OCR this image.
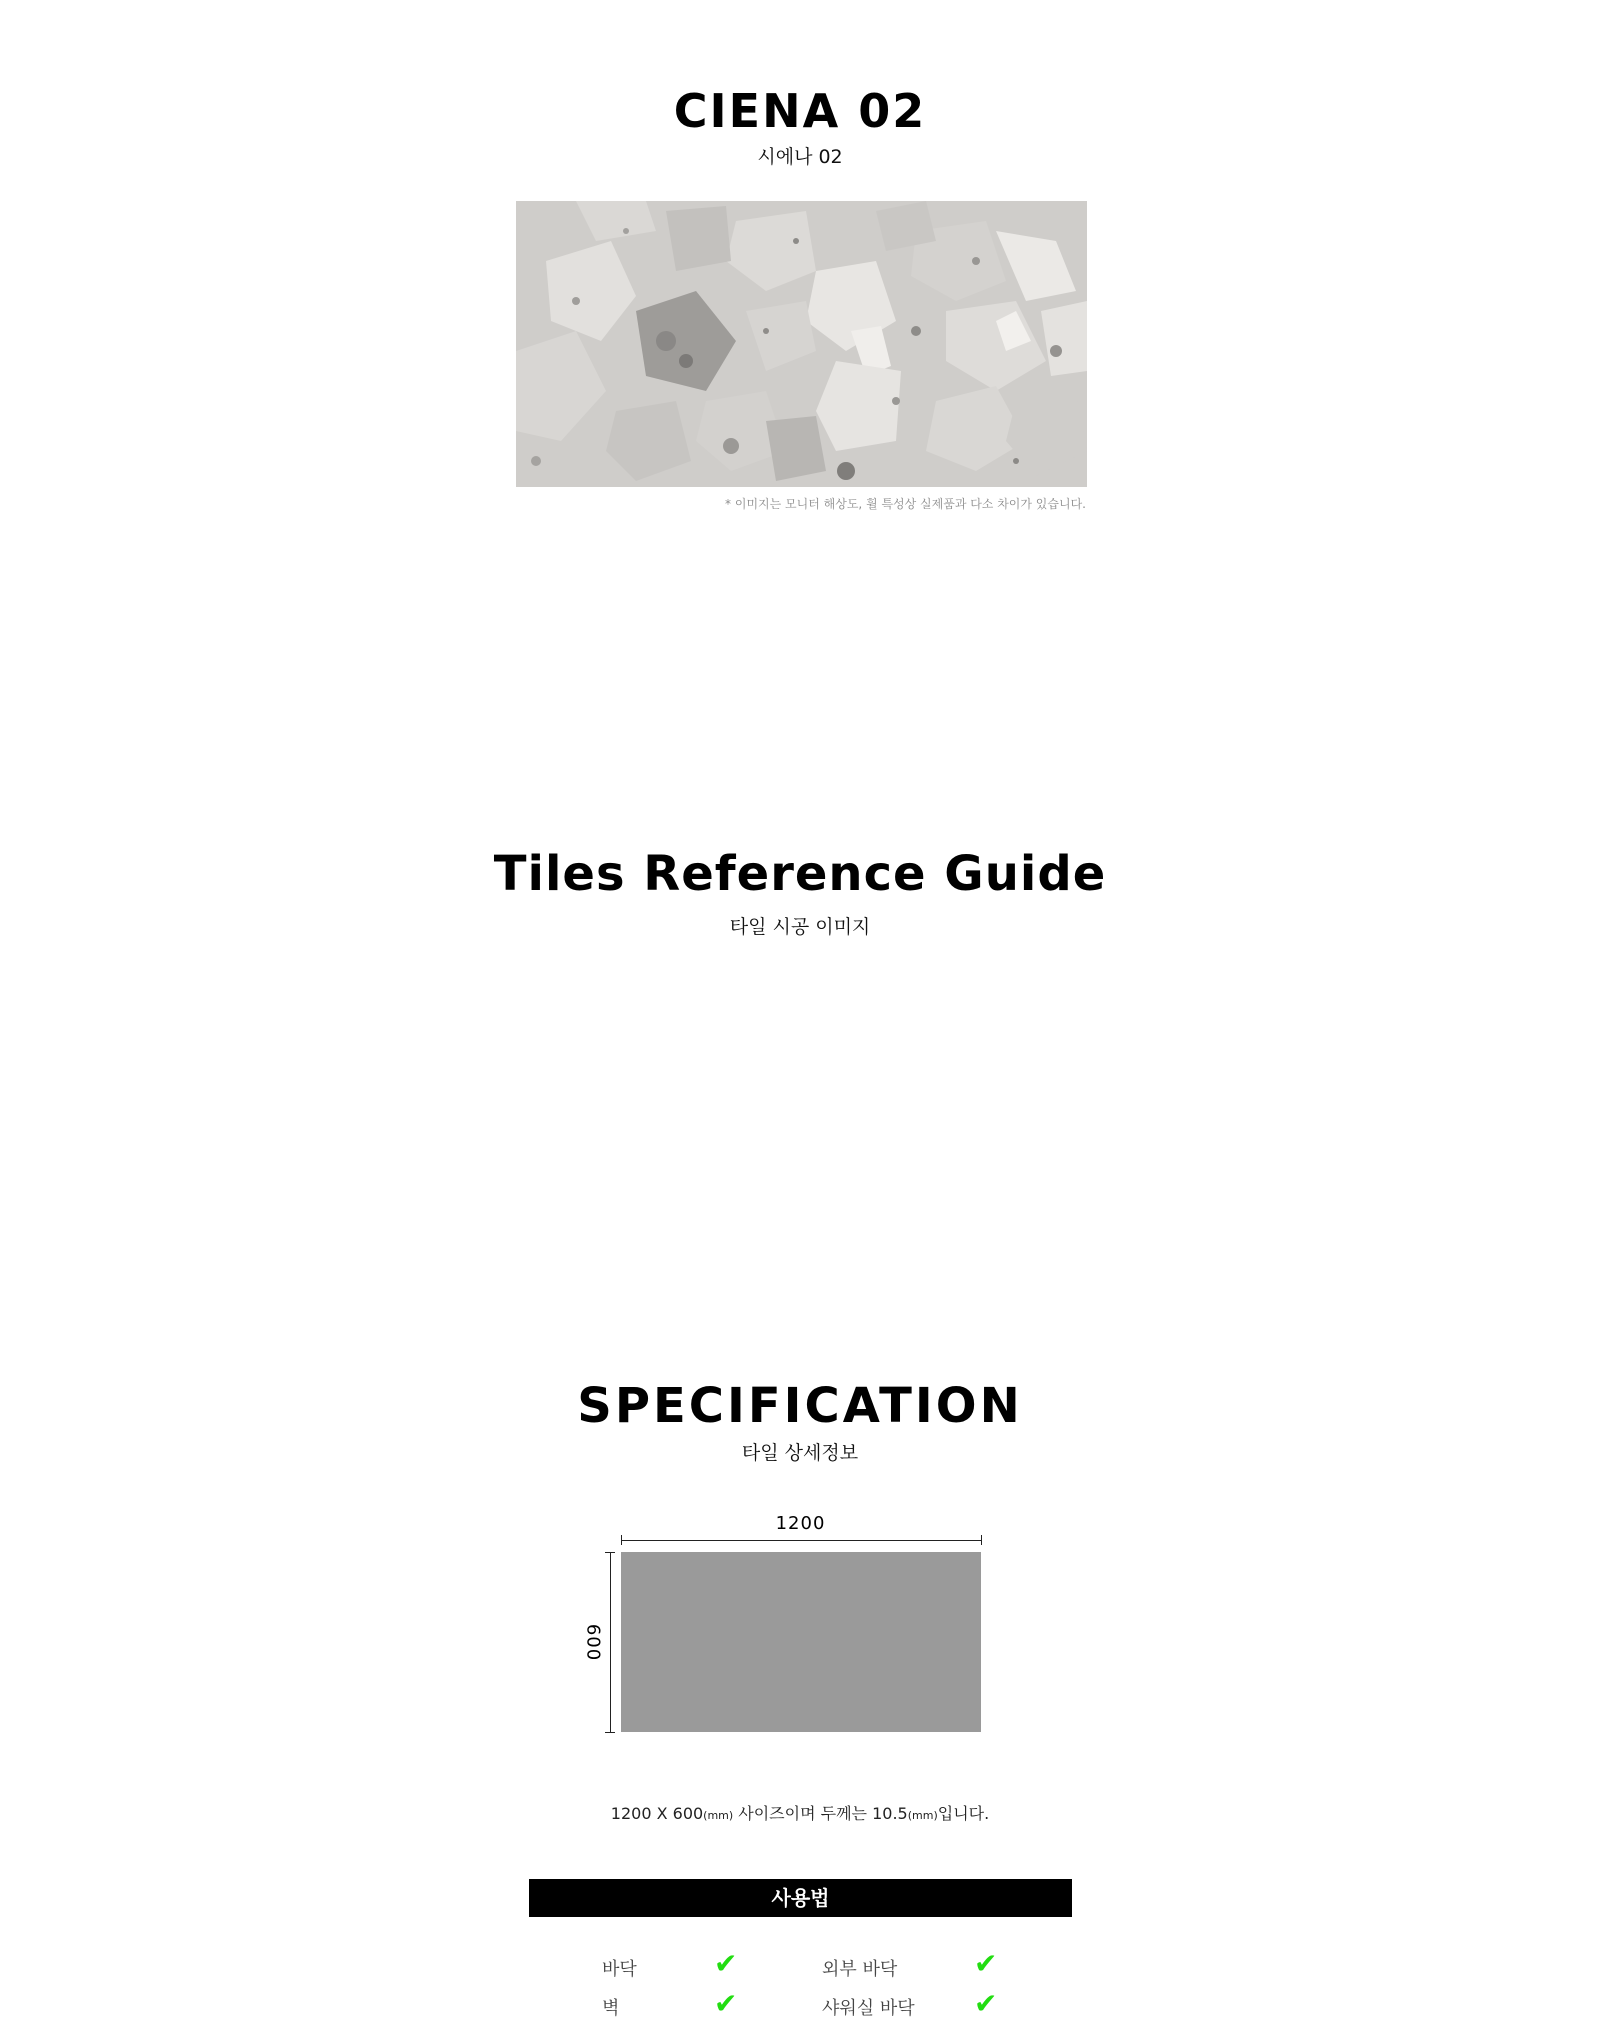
CIENA 02
시에나 02
* 이미지는 모니터 해상도, 휠 특성상 실제품과 다소 차이가 있습니다.
Tiles Reference Guide
타일 시공 이미지
SPECIFICATION
타일 상세정보
1200
600
1200 X 600(mm) 사이즈이며 두께는 10.5(mm)입니다.
사용법
바닥	✔	외부 바닥	✔
벽	✔	샤워실 바닥 ✔
